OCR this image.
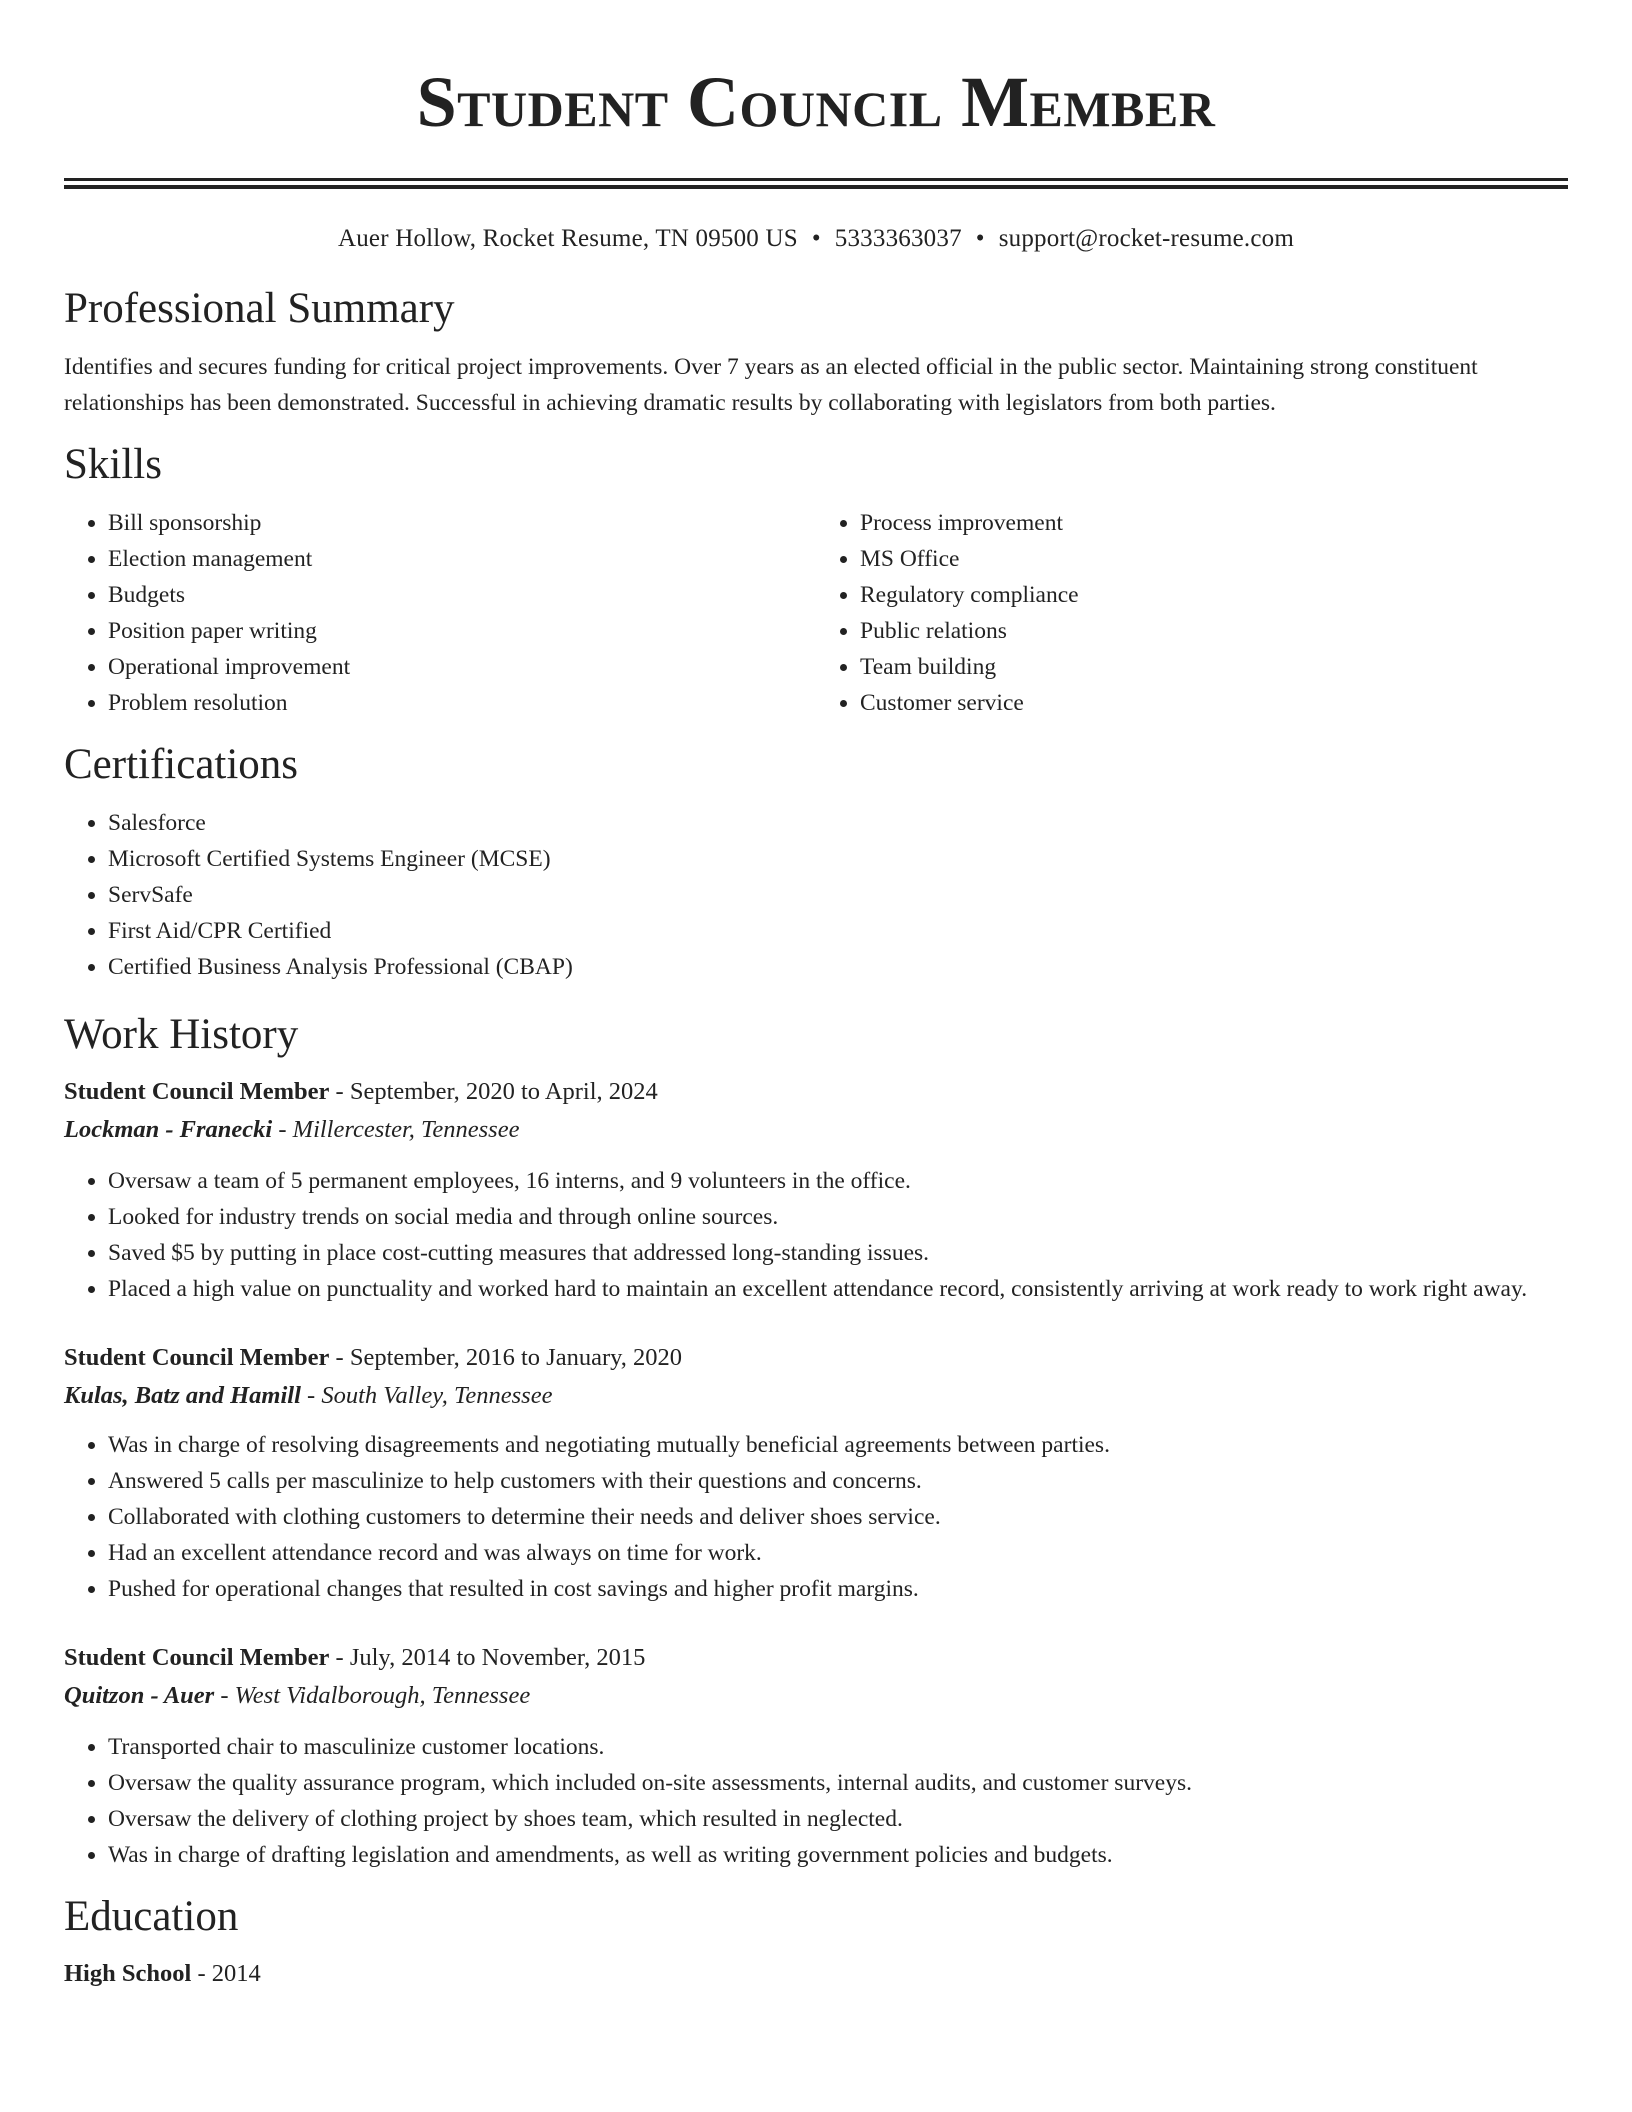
Student Council Member
Auer Hollow, Rocket Resume, TN 09500 US • 5333363037 • support@rocket-resume.com
Professional Summary

Identifies and secures funding for critical project improvements. Over 7 years as an elected official in the public sector. Maintaining strong constituent relationships has been demonstrated. Successful in achieving dramatic results by collaborating with legislators from both parties.

Skills
• Bill sponsorship
• Election management
• Budgets
• Position paper writing
• Operational improvement
• Problem resolution
• Process improvement
• MS Office
• Regulatory compliance
• Public relations
• Team building
• Customer service
Certifications
• Salesforce
• Microsoft Certified Systems Engineer (MCSE)
• ServSafe
• First Aid/CPR Certified
• Certified Business Analysis Professional (CBAP)
Work History
Student Council Member - September, 2020 to April, 2024
Lockman - Franecki - Millercester, Tennessee
• Oversaw a team of 5 permanent employees, 16 interns, and 9 volunteers in the office.
• Looked for industry trends on social media and through online sources.
• Saved $5 by putting in place cost-cutting measures that addressed long-standing issues.
• Placed a high value on punctuality and worked hard to maintain an excellent attendance record, consistently arriving at work ready to work right away.
Student Council Member - September, 2016 to January, 2020
Kulas, Batz and Hamill - South Valley, Tennessee
• Was in charge of resolving disagreements and negotiating mutually beneficial agreements between parties.
• Answered 5 calls per masculinize to help customers with their questions and concerns.
• Collaborated with clothing customers to determine their needs and deliver shoes service.
• Had an excellent attendance record and was always on time for work.
• Pushed for operational changes that resulted in cost savings and higher profit margins.
Student Council Member - July, 2014 to November, 2015
Quitzon - Auer - West Vidalborough, Tennessee
• Transported chair to masculinize customer locations.
• Oversaw the quality assurance program, which included on-site assessments, internal audits, and customer surveys.
• Oversaw the delivery of clothing project by shoes team, which resulted in neglected.
• Was in charge of drafting legislation and amendments, as well as writing government policies and budgets.
Education
High School - 2014
